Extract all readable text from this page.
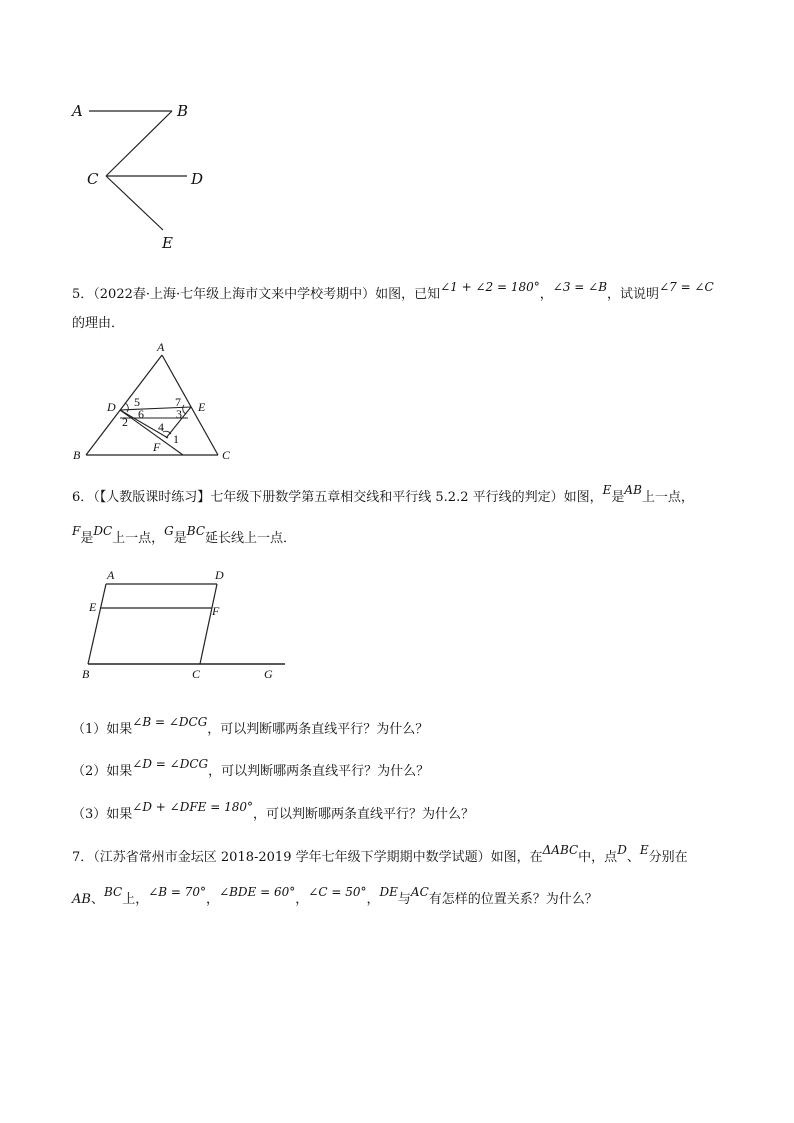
A	B
C	D
E
5．（2022春·上海·七年级上海市文来中学校考期中）如图，已知∠1 + ∠2 = 180°，∠3 = ∠B，试说明∠7 = ∠C
的理由．
A
B	C
D	E
F
5	7
6	3
2	4
1
6．（【人教版课时练习】七年级下册数学第五章相交线和平行线 5.2.2 平行线的判定）如图，E是AB上一点，
F是DC上一点，G是BC延长线上一点．
A	D
E	F
B	C	G
（1）如果∠B = ∠DCG，可以判断哪两条直线平行？为什么？
（2）如果∠D = ∠DCG，可以判断哪两条直线平行？为什么？
（3）如果∠D + ∠DFE = 180°，可以判断哪两条直线平行？为什么？
7．（江苏省常州市金坛区 2018-2019 学年七年级下学期期中数学试题）如图，在ΔABC中，点D、E分别在
AB、BC上，∠B = 70°，∠BDE = 60°，∠C = 50°，DE与AC有怎样的位置关系？为什么？
